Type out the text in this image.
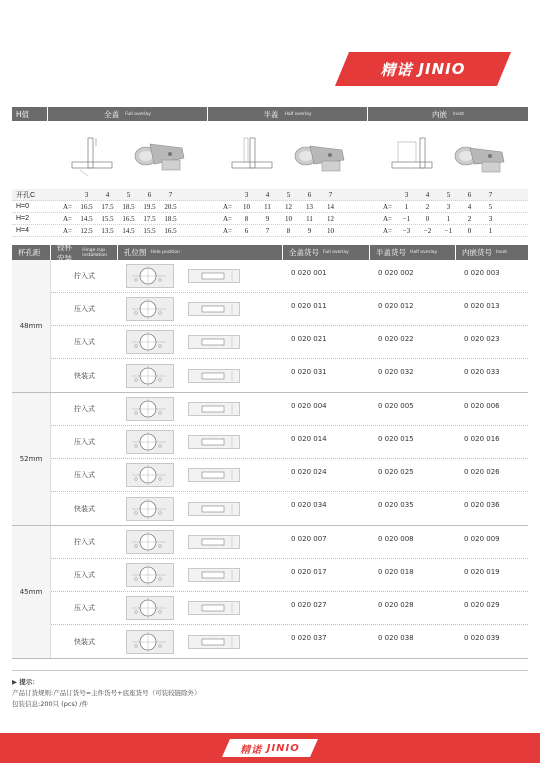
精诺 JINIO
H值	全盖 Full overlay	半盖 Half overlay	内嵌 Inset
开孔C	3	4	5	6	7	3	4	5	6	7	3	4	5	6	7
H=0	A=	16.5	17.5	18.5	19.5	20.5	A=	10	11	12	13	14	A=	1	2	3	4	5
H=2	A=	14.5	15.5	16.5	17.5	18.5	A=	8	9	10	11	12	A=	−1	0	1	2	3
H=4	A=	12.5	13.5	14.5	15.5	16.5	A=	6	7	8	9	10	A=	−3	−2	−1	0	1
杯孔距
铰杯安装
Hinge cup installation	孔位图 Hole position	全盖货号 Full overlay	半盖货号 Half overlay	内嵌货号 Inset
48mm
拧入式	0 020 001	0 020 002	0 020 003
压入式	0 020 011	0 020 012	0 020 013
压入式	0 020 021	0 020 022	0 020 023
快装式	0 020 031	0 020 032	0 020 033
52mm
拧入式	0 020 004	0 020 005	0 020 006
压入式	0 020 014	0 020 015	0 020 016
压入式	0 020 024	0 020 025	0 020 026
快装式	0 020 034	0 020 035	0 020 036
45mm
拧入式	0 020 007	0 020 008	0 020 009
压入式	0 020 017	0 020 018	0 020 019
压入式	0 020 027	0 020 028	0 020 029
快装式	0 020 037	0 020 038	0 020 039
▶ 提示：
产品订货规则:产品订货号=主件货号+底座货号（可装较链除外）
包装信息:200只 (pcs) /件
精诺
JINIO
